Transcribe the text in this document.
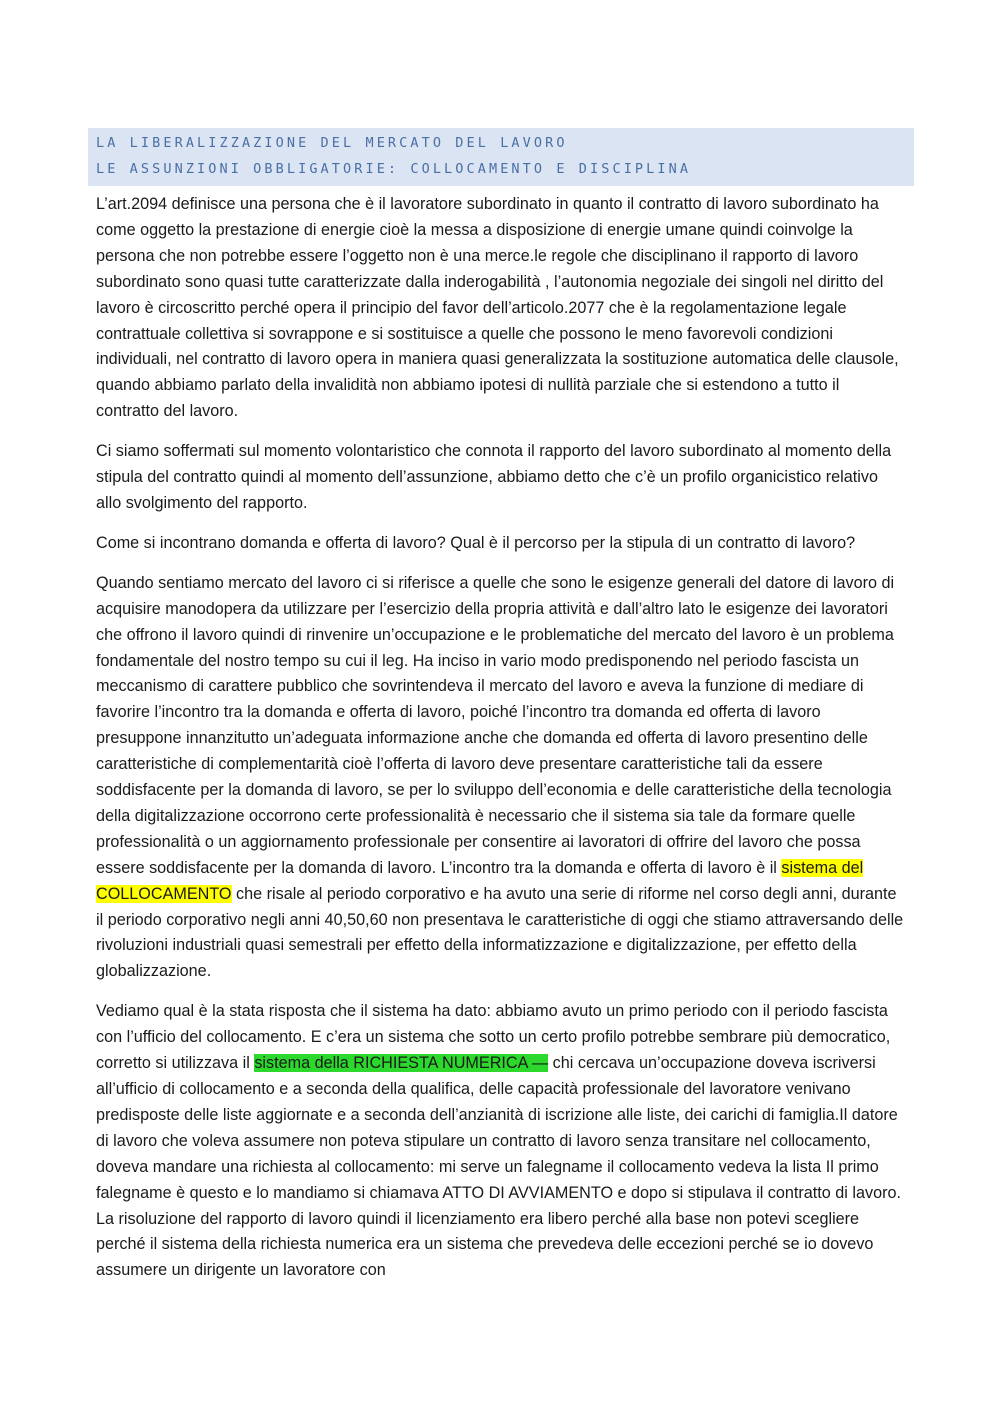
LA LIBERALIZZAZIONE DEL MERCATO DEL LAVORO
LE ASSUNZIONI OBBLIGATORIE: COLLOCAMENTO E DISCIPLINA

L’art.2094 definisce una persona che è il lavoratore subordinato in quanto il contratto di lavoro subordinato ha come oggetto la prestazione di energie cioè la messa a disposizione di energie umane quindi coinvolge la persona che non potrebbe essere l’oggetto non è una merce.le regole che disciplinano il rapporto di lavoro subordinato sono quasi tutte caratterizzate dalla inderogabilità , l’autonomia negoziale dei singoli nel diritto del lavoro è circoscritto perché opera il principio del favor dell’articolo.2077 che è la regolamentazione legale contrattuale collettiva si sovrappone e si sostituisce a quelle che possono le meno favorevoli condizioni individuali, nel contratto di lavoro opera in maniera quasi generalizzata la sostituzione automatica delle clausole, quando abbiamo parlato della invalidità non abbiamo ipotesi di nullità parziale che si estendono a tutto il contratto del lavoro.

Ci siamo soffermati sul momento volontaristico che connota il rapporto del lavoro subordinato al momento della stipula del contratto quindi al momento dell’assunzione, abbiamo detto che c’è un profilo organicistico relativo allo svolgimento del rapporto.

Come si incontrano domanda e offerta di lavoro? Qual è il percorso per la stipula di un contratto di lavoro?

Quando sentiamo mercato del lavoro ci si riferisce a quelle che sono le esigenze generali del datore di lavoro di acquisire manodopera da utilizzare per l’esercizio della propria attività e dall’altro lato le esigenze dei lavoratori che offrono il lavoro quindi di rinvenire un’occupazione e le problematiche del mercato del lavoro è un problema fondamentale del nostro tempo su cui il leg. Ha inciso in vario modo predisponendo nel periodo fascista un meccanismo di carattere pubblico che sovrintendeva il mercato del lavoro e aveva la funzione di mediare di favorire l’incontro tra la domanda e offerta di lavoro, poiché l’incontro tra domanda ed offerta di lavoro presuppone innanzitutto un’adeguata informazione anche che domanda ed offerta di lavoro presentino delle caratteristiche di complementarità cioè l’offerta di lavoro deve presentare caratteristiche tali da essere soddisfacente per la domanda di lavoro, se per lo sviluppo dell’economia e delle caratteristiche della tecnologia della digitalizzazione occorrono certe professionalità è necessario che il sistema sia tale da formare quelle professionalità o un aggiornamento professionale per consentire ai lavoratori di offrire del lavoro che possa essere soddisfacente per la domanda di lavoro. L’incontro tra la domanda e offerta di lavoro è il sistema del COLLOCAMENTO che risale al periodo corporativo e ha avuto una serie di riforme nel corso degli anni, durante il periodo corporativo negli anni 40,50,60 non presentava le caratteristiche di oggi che stiamo attraversando delle rivoluzioni industriali quasi semestrali per effetto della informatizzazione e digitalizzazione, per effetto della globalizzazione.

Vediamo qual è la stata risposta che il sistema ha dato: abbiamo avuto un primo periodo con il periodo fascista con l’ufficio del collocamento. E c’era un sistema che sotto un certo profilo potrebbe sembrare più democratico, corretto si utilizzava il sistema della RICHIESTA NUMERICA — chi cercava un’occupazione doveva iscriversi all’ufficio di collocamento e a seconda della qualifica, delle capacità professionale del lavoratore venivano predisposte delle liste aggiornate e a seconda dell’anzianità di iscrizione alle liste, dei carichi di famiglia.Il datore di lavoro che voleva assumere non poteva stipulare un contratto di lavoro senza transitare nel collocamento, doveva mandare una richiesta al collocamento: mi serve un falegname il collocamento vedeva la lista Il primo falegname è questo e lo mandiamo si chiamava ATTO DI AVVIAMENTO e dopo si stipulava il contratto di lavoro. La risoluzione del rapporto di lavoro quindi il licenziamento era libero perché alla base non potevi scegliere perché il sistema della richiesta numerica era un sistema che prevedeva delle eccezioni perché se io dovevo assumere un dirigente un lavoratore con
